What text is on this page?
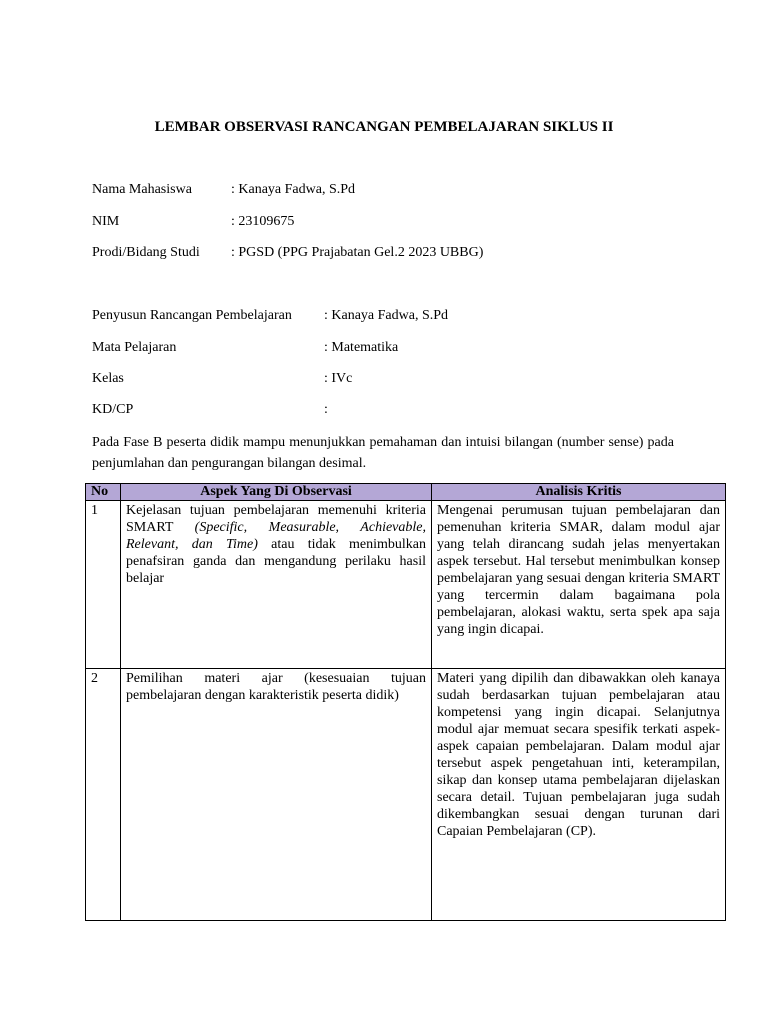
LEMBAR OBSERVASI RANCANGAN PEMBELAJARAN SIKLUS II
Nama Mahasiswa	: Kanaya Fadwa, S.Pd
NIM	: 23109675
Prodi/Bidang Studi : PGSD (PPG Prajabatan Gel.2 2023 UBBG)
Penyusun Rancangan Pembelajaran : Kanaya Fadwa, S.Pd
Mata Pelajaran	: Matematika
Kelas	: IVc
KD/CP	:
Pada Fase B peserta didik mampu menunjukkan pemahaman dan intuisi bilangan (number sense) pada penjumlahan dan pengurangan bilangan desimal.
No	Aspek Yang Di Observasi	Analisis Kritis
1	Kejelasan tujuan pembelajaran memenuhi kriteria SMART (Specific, Measurable, Achievable, Relevant, dan Time) atau tidak menimbulkan penafsiran ganda dan mengandung perilaku hasil belajar	Mengenai perumusan tujuan pembelajaran dan pemenuhan kriteria SMAR, dalam modul ajar yang telah dirancang sudah jelas menyertakan aspek tersebut. Hal tersebut menimbulkan konsep pembelajaran yang sesuai dengan kriteria SMART yang tercermin dalam bagaimana pola pembelajaran, alokasi waktu, serta spek apa saja yang ingin dicapai.
2	Pemilihan materi ajar (kesesuaian tujuan pembelajaran dengan karakteristik peserta didik)	Materi yang dipilih dan dibawakkan oleh kanaya sudah berdasarkan tujuan pembelajaran atau kompetensi yang ingin dicapai. Selanjutnya modul ajar memuat secara spesifik terkati aspek-aspek capaian pembelajaran. Dalam modul ajar tersebut aspek pengetahuan inti, keterampilan, sikap dan konsep utama pembelajaran dijelaskan secara detail. Tujuan pembelajaran juga sudah dikembangkan sesuai dengan turunan dari Capaian Pembelajaran (CP).
